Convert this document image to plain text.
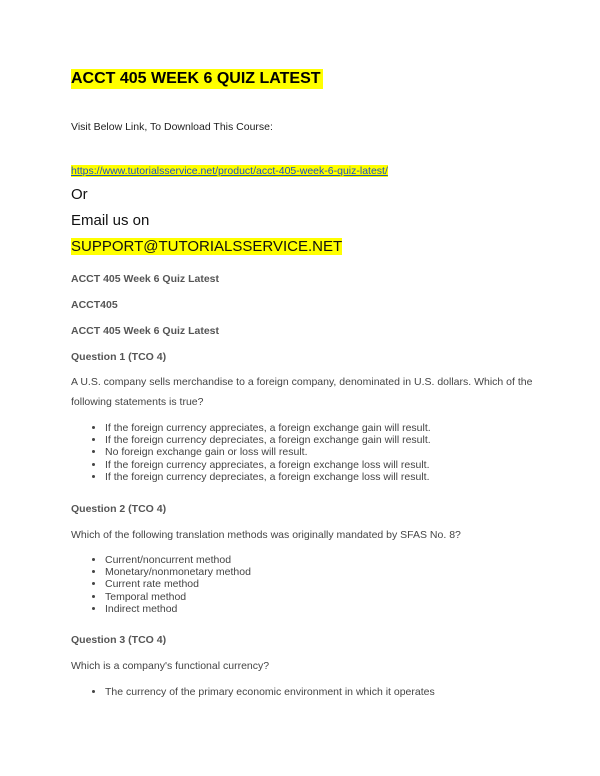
ACCT 405 WEEK 6 QUIZ LATEST
Visit Below Link, To Download This Course:
https://www.tutorialsservice.net/product/acct-405-week-6-quiz-latest/
Or
Email us on
SUPPORT@TUTORIALSSERVICE.NET
ACCT 405 Week 6 Quiz Latest
ACCT405
ACCT 405 Week 6 Quiz Latest
Question 1 (TCO 4)
A U.S. company sells merchandise to a foreign company, denominated in U.S. dollars. Which of the following statements is true?
• If the foreign currency appreciates, a foreign exchange gain will result.
• If the foreign currency depreciates, a foreign exchange gain will result.
• No foreign exchange gain or loss will result.
• If the foreign currency appreciates, a foreign exchange loss will result.
• If the foreign currency depreciates, a foreign exchange loss will result.
Question 2 (TCO 4)
Which of the following translation methods was originally mandated by SFAS No. 8?
• Current/noncurrent method
• Monetary/nonmonetary method
• Current rate method
• Temporal method
• Indirect method
Question 3 (TCO 4)
Which is a company's functional currency?
• The currency of the primary economic environment in which it operates
